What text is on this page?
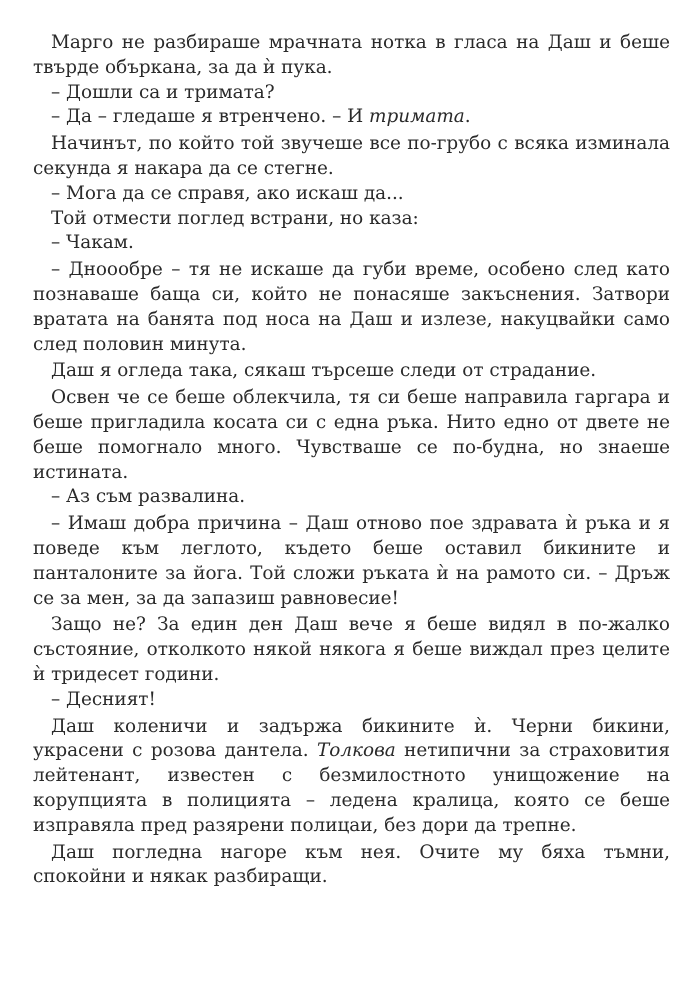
Марго не разбираше мрачната нотка в гласа на Даш и беше твърде объркана, за да ѝ пука.

– Дошли са и тримата?

– Да – гледаше я втренчено. – И тримата.

Начинът, по който той звучеше все по-грубо с всяка изминала секунда я накара да се стегне.

– Мога да се справя, ако искаш да...

Той отмести поглед встрани, но каза:

– Чакам.

– Днооoбре – тя не искаше да губи време, особено след като познаваше баща си, който не понасяше закъснения. Затвори вратата на банята под носа на Даш и излезе, накуцвайки само след половин минута.

Даш я огледа така, сякаш търсеше следи от страдание.

Освен че се беше облекчила, тя си беше направила гаргара и беше пригладила косата си с една ръка. Нито едно от двете не беше помогнало много. Чувстваше се по-будна, но знаеше истината.

– Аз съм развалина.

– Имаш добра причина – Даш отново пое здравата ѝ ръка и я поведе към леглото, където беше оставил бикините и панталоните за йога. Той сложи ръката ѝ на рамото си. – Дръж се за мен, за да запазиш равновесие!

Защо не? За един ден Даш вече я беше видял в по-жалко състояние, отколкото някой някога я беше виждал през целите ѝ тридесет години.

– Десният!

Даш коленичи и задържа бикините ѝ. Черни бикини, украсени с розова дантела. Толкова нетипични за страховития лейтенант, известен с безмилостното унищожение на корупцията в полицията – ледена кралица, която се беше изправяла пред разярени полицаи, без дори да трепне.

Даш погледна нагоре към нея. Очите му бяха тъмни, спокойни и някак разбиращи.
